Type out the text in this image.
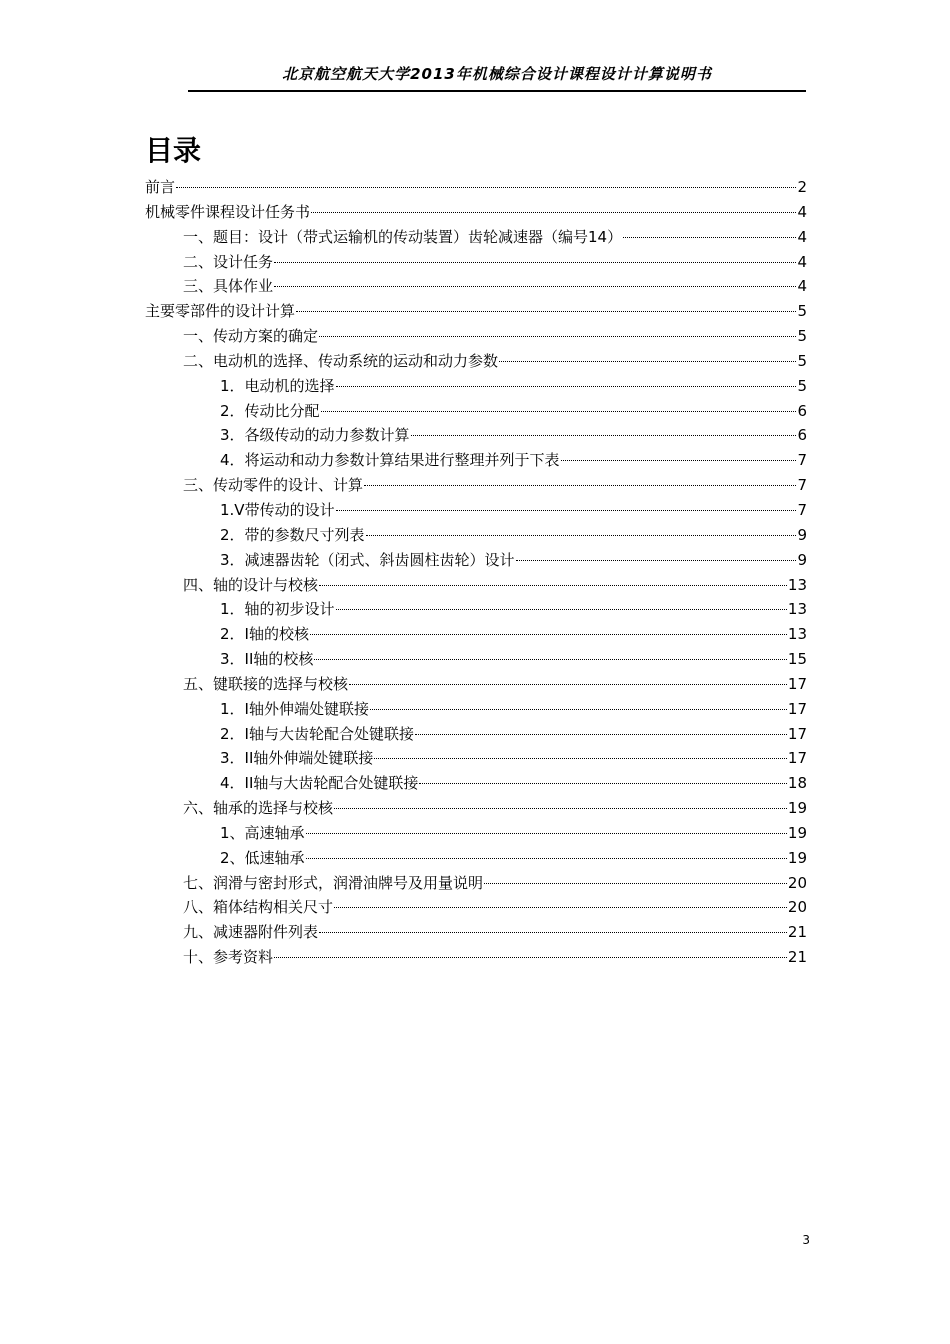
北京航空航天大学2013年机械综合设计课程设计计算说明书
目录
前言	2
机械零件课程设计任务书	4
一、题目：设计（带式运输机的传动装置）齿轮减速器（编号14）	4
二、设计任务	4
三、具体作业	4
主要零部件的设计计算	5
一、传动方案的确定	5
二、电动机的选择、传动系统的运动和动力参数	5
1．电动机的选择	5
2．传动比分配	6
3．各级传动的动力参数计算	6
4．将运动和动力参数计算结果进行整理并列于下表	7
三、传动零件的设计、计算	7
1.V带传动的设计	7
2．带的参数尺寸列表	9
3．减速器齿轮（闭式、斜齿圆柱齿轮）设计	9
四、轴的设计与校核	13
1．轴的初步设计	13
2．I轴的校核	13
3．II轴的校核	15
五、键联接的选择与校核	17
1．I轴外伸端处键联接	17
2．I轴与大齿轮配合处键联接	17
3．II轴外伸端处键联接	17
4．II轴与大齿轮配合处键联接	18
六、轴承的选择与校核	19
1、高速轴承	19
2、低速轴承	19
七、润滑与密封形式，润滑油牌号及用量说明	20
八、箱体结构相关尺寸	20
九、减速器附件列表	21
十、参考资料	21
3
